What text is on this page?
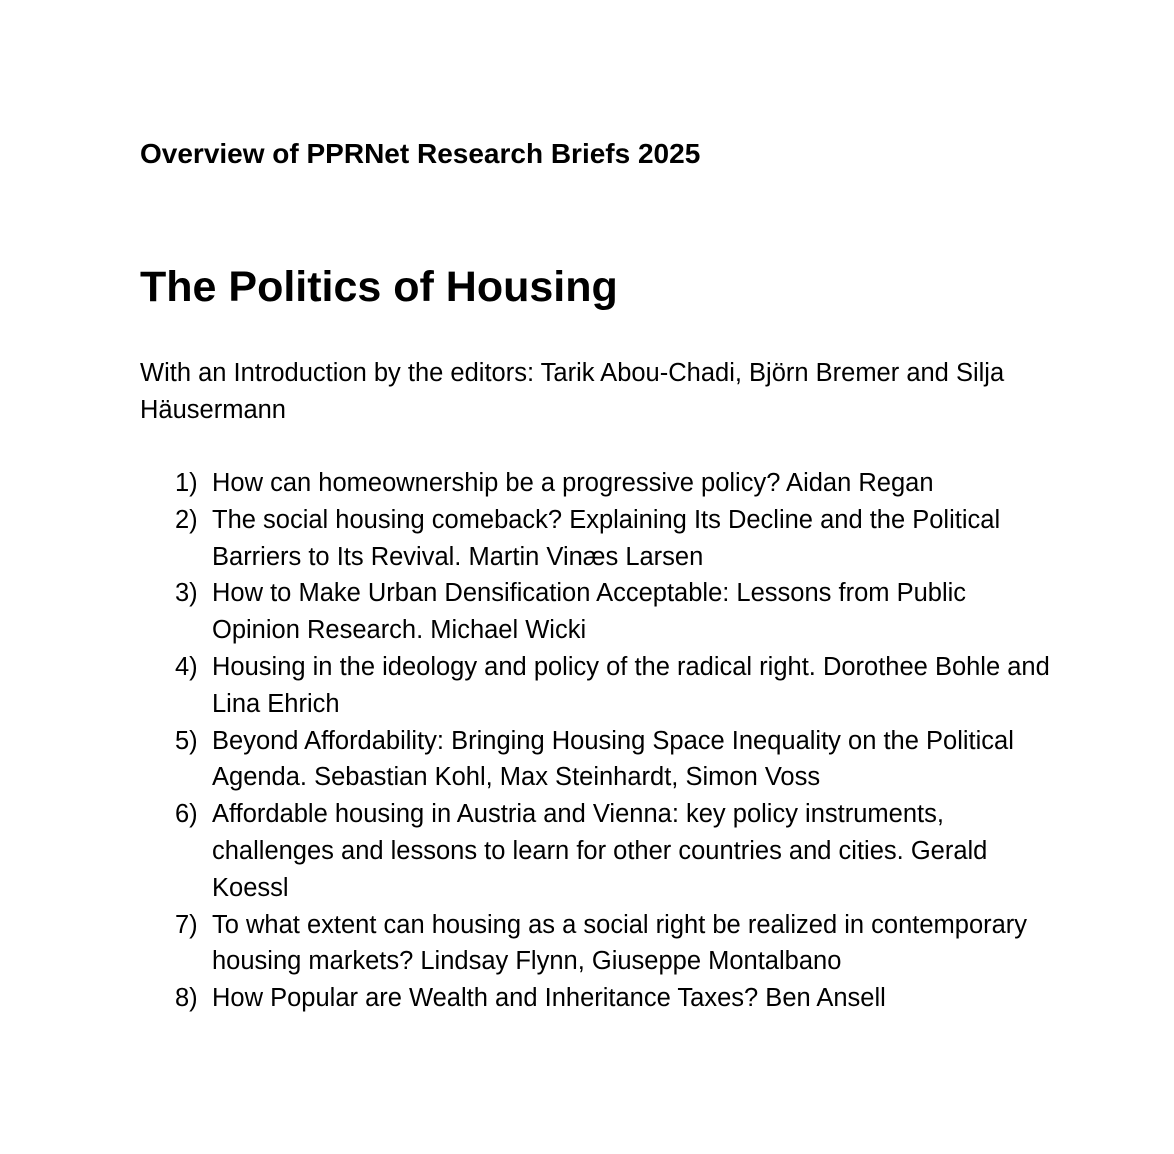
Overview of PPRNet Research Briefs 2025
The Politics of Housing

With an Introduction by the editors: Tarik Abou-Chadi, Björn Bremer and Silja Häusermann

1) How can homeownership be a progressive policy? Aidan Regan
2) The social housing comeback? Explaining Its Decline and the Political Barriers to Its Revival. Martin Vinæs Larsen
3) How to Make Urban Densification Acceptable: Lessons from Public Opinion Research. Michael Wicki
4) Housing in the ideology and policy of the radical right. Dorothee Bohle and Lina Ehrich
5) Beyond Affordability: Bringing Housing Space Inequality on the Political Agenda. Sebastian Kohl, Max Steinhardt, Simon Voss
6) Affordable housing in Austria and Vienna: key policy instruments, challenges and lessons to learn for other countries and cities. Gerald Koessl
7) To what extent can housing as a social right be realized in contemporary housing markets? Lindsay Flynn, Giuseppe Montalbano
8) How Popular are Wealth and Inheritance Taxes? Ben Ansell
